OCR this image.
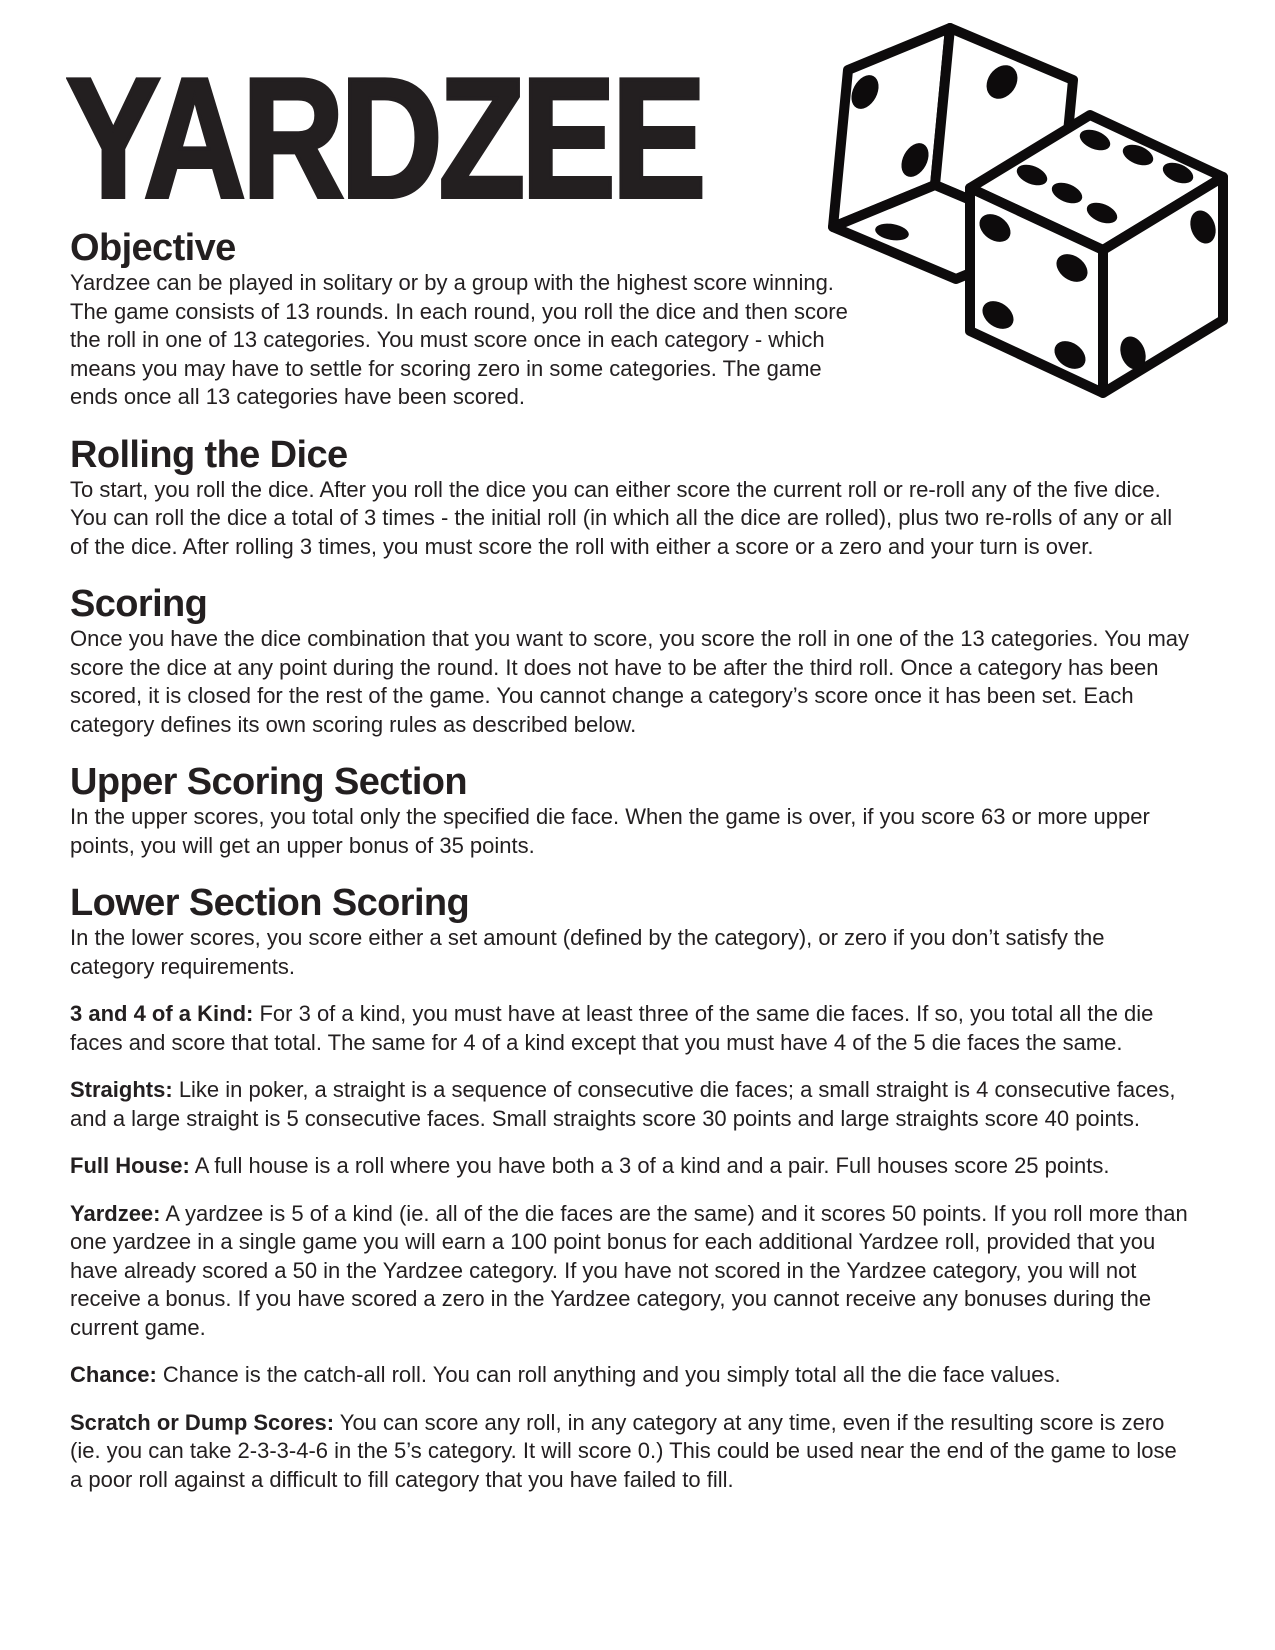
YARDZEE
Objective

Yardzee can be played in solitary or by a group with the highest score winning. The game consists of 13 rounds. In each round, you roll the dice and then score the roll in one of 13 categories. You must score once in each category - which means you may have to settle for scoring zero in some categories. The game ends once all 13 categories have been scored.

Rolling the Dice

To start, you roll the dice. After you roll the dice you can either score the current roll or re-roll any of the five dice. You can roll the dice a total of 3 times - the initial roll (in which all the dice are rolled), plus two re-rolls of any or all of the dice. After rolling 3 times, you must score the roll with either a score or a zero and your turn is over.

Scoring

Once you have the dice combination that you want to score, you score the roll in one of the 13 categories. You may score the dice at any point during the round. It does not have to be after the third roll. Once a category has been scored, it is closed for the rest of the game. You cannot change a category’s score once it has been set. Each category defines its own scoring rules as described below.

Upper Scoring Section

In the upper scores, you total only the specified die face. When the game is over, if you score 63 or more upper points, you will get an upper bonus of 35 points.

Lower Section Scoring

In the lower scores, you score either a set amount (defined by the category), or zero if you don’t satisfy the category requirements.

3 and 4 of a Kind: For 3 of a kind, you must have at least three of the same die faces. If so, you total all the die faces and score that total. The same for 4 of a kind except that you must have 4 of the 5 die faces the same.

Straights: Like in poker, a straight is a sequence of consecutive die faces; a small straight is 4 consecutive faces, and a large straight is 5 consecutive faces. Small straights score 30 points and large straights score 40 points.

Full House: A full house is a roll where you have both a 3 of a kind and a pair. Full houses score 25 points.

Yardzee: A yardzee is 5 of a kind (ie. all of the die faces are the same) and it scores 50 points. If you roll more than one yardzee in a single game you will earn a 100 point bonus for each additional Yardzee roll, provided that you have already scored a 50 in the Yardzee category. If you have not scored in the Yardzee category, you will not receive a bonus. If you have scored a zero in the Yardzee category, you cannot receive any bonuses during the current game.

Chance: Chance is the catch-all roll. You can roll anything and you simply total all the die face values.

Scratch or Dump Scores: You can score any roll, in any category at any time, even if the resulting score is zero (ie. you can take 2-3-3-4-6 in the 5’s category. It will score 0.) This could be used near the end of the game to lose a poor roll against a difficult to fill category that you have failed to fill.
